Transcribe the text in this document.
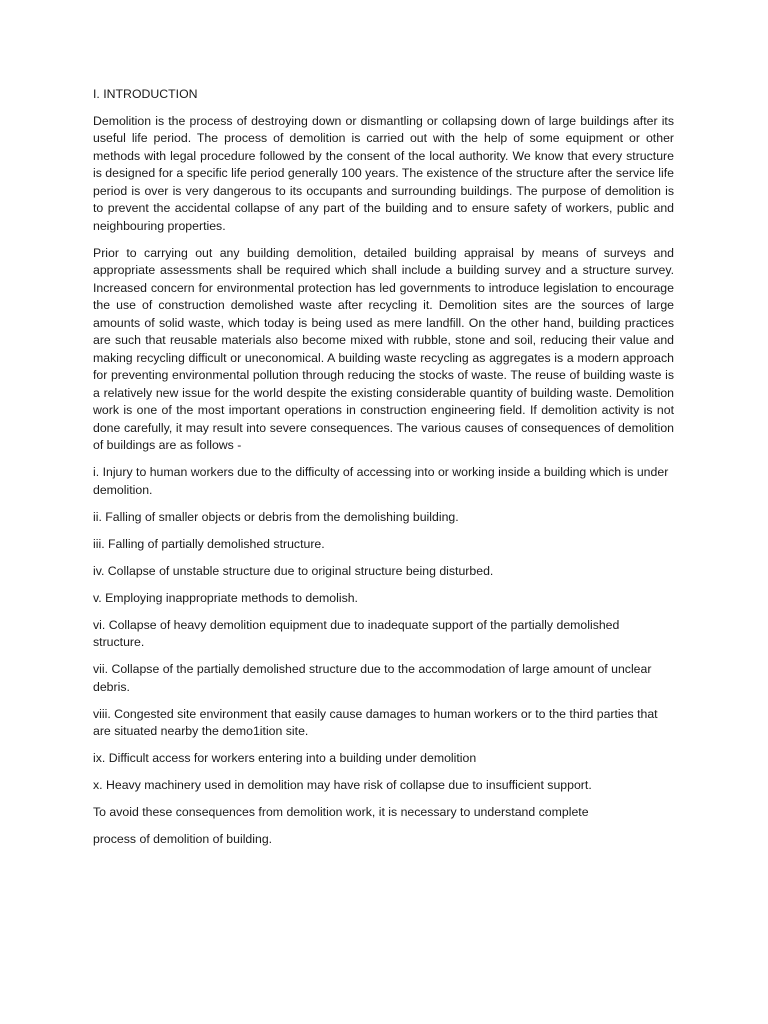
I. INTRODUCTION

Demolition is the process of destroying down or dismantling or collapsing down of large buildings after its useful life period. The process of demolition is carried out with the help of some equipment or other methods with legal procedure followed by the consent of the local authority. We know that every structure is designed for a specific life period generally 100 years. The existence of the structure after the service life period is over is very dangerous to its occupants and surrounding buildings. The purpose of demolition is to prevent the accidental collapse of any part of the building and to ensure safety of workers, public and neighbouring properties.

Prior to carrying out any building demolition, detailed building appraisal by means of surveys and appropriate assessments shall be required which shall include a building survey and a structure survey. Increased concern for environmental protection has led governments to introduce legislation to encourage the use of construction demolished waste after recycling it. Demolition sites are the sources of large amounts of solid waste, which today is being used as mere landfill. On the other hand, building practices are such that reusable materials also become mixed with rubble, stone and soil, reducing their value and making recycling difficult or uneconomical. A building waste recycling as aggregates is a modern approach for preventing environmental pollution through reducing the stocks of waste. The reuse of building waste is a relatively new issue for the world despite the existing considerable quantity of building waste. Demolition work is one of the most important operations in construction engineering field. If demolition activity is not done carefully, it may result into severe consequences. The various causes of consequences of demolition of buildings are as follows -

i. Injury to human workers due to the difficulty of accessing into or working inside a building which is under demolition.
ii. Falling of smaller objects or debris from the demolishing building.
iii. Falling of partially demolished structure.
iv. Collapse of unstable structure due to original structure being disturbed.
v. Employing inappropriate methods to demolish.
vi. Collapse of heavy demolition equipment due to inadequate support of the partially demolished structure.
vii. Collapse of the partially demolished structure due to the accommodation of large amount of unclear debris.
viii. Congested site environment that easily cause damages to human workers or to the third parties that are situated nearby the demo1ition site.
ix. Difficult access for workers entering into a building under demolition
x. Heavy machinery used in demolition may have risk of collapse due to insufficient support.

To avoid these consequences from demolition work, it is necessary to understand complete

process of demolition of building.
